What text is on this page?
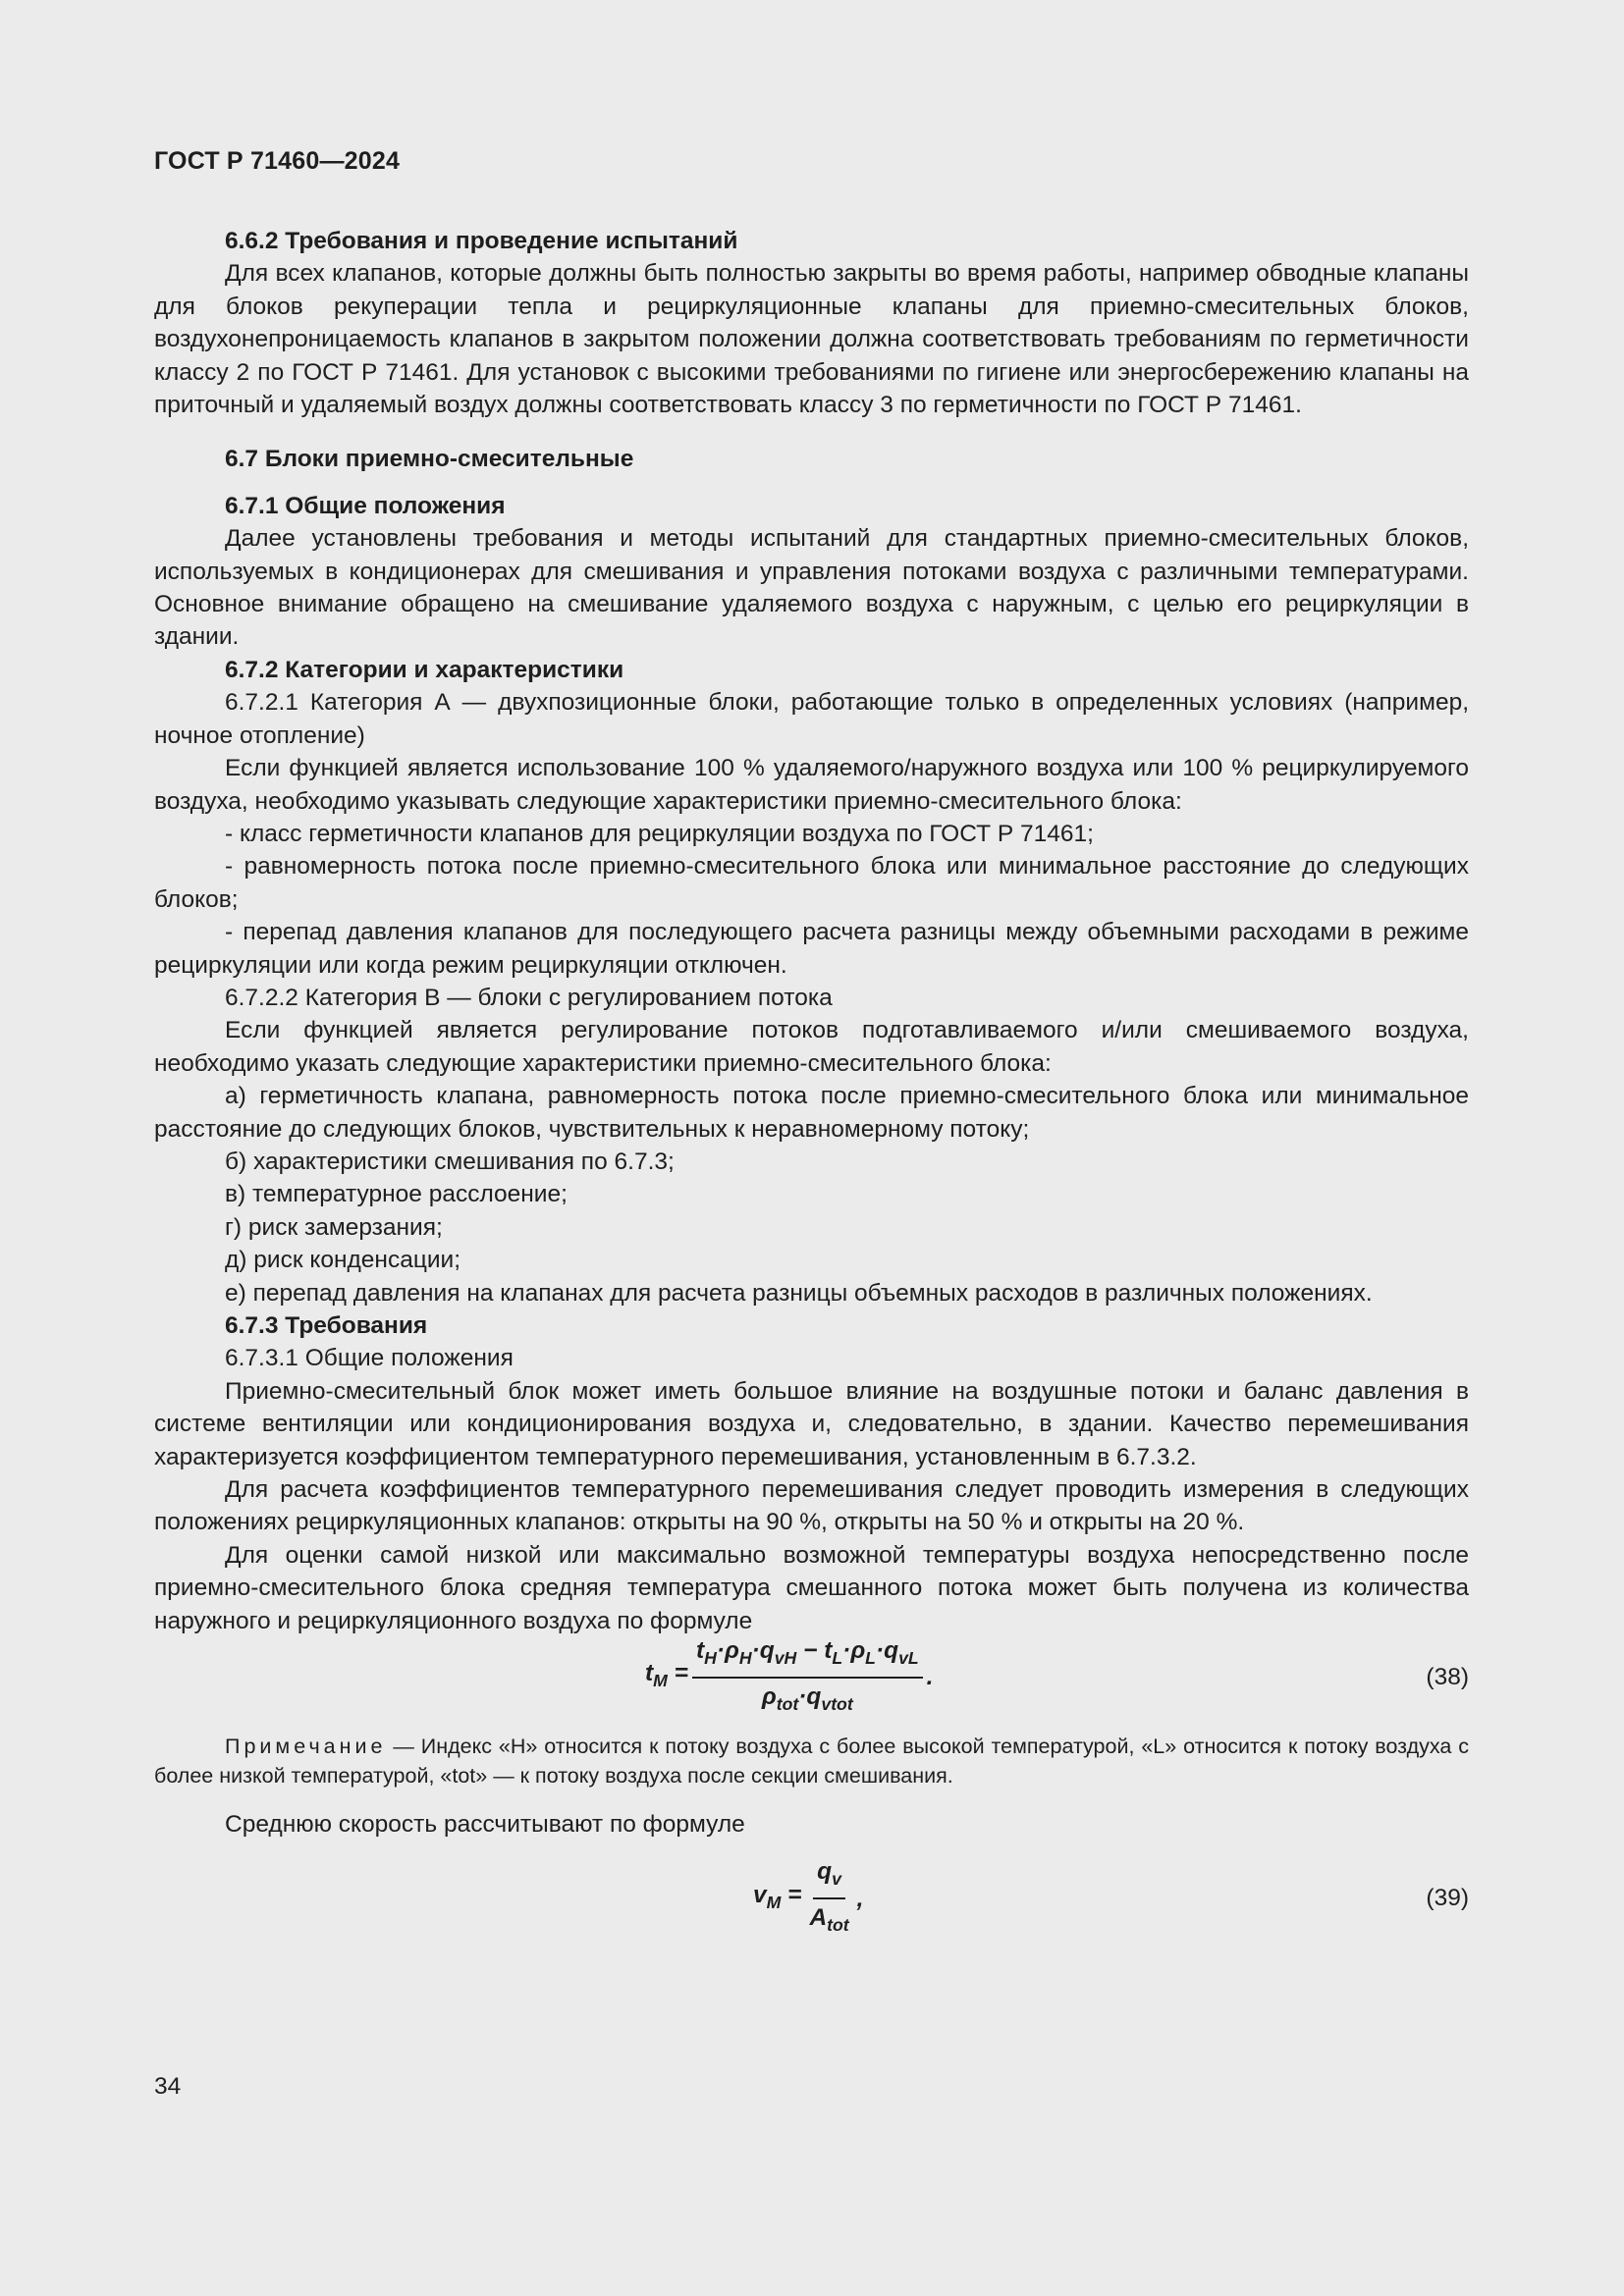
ГОСТ Р 71460—2024

6.6.2 Требования и проведение испытаний

Для всех клапанов, которые должны быть полностью закрыты во время работы, например обводные клапаны для блоков рекуперации тепла и рециркуляционные клапаны для приемно-смесительных блоков, воздухонепроницаемость клапанов в закрытом положении должна соответствовать требованиям по герметичности классу 2 по ГОСТ Р 71461. Для установок с высокими требованиями по гигиене или энергосбережению клапаны на приточный и удаляемый воздух должны соответствовать классу 3 по герметичности по ГОСТ Р 71461.

6.7 Блоки приемно-смесительные

6.7.1 Общие положения

Далее установлены требования и методы испытаний для стандартных приемно-смесительных блоков, используемых в кондиционерах для смешивания и управления потоками воздуха с различными температурами. Основное внимание обращено на смешивание удаляемого воздуха с наружным, с целью его рециркуляции в здании.

6.7.2 Категории и характеристики

6.7.2.1 Категория А — двухпозиционные блоки, работающие только в определенных условиях (например, ночное отопление)

Если функцией является использование 100 % удаляемого/наружного воздуха или 100 % рециркулируемого воздуха, необходимо указывать следующие характеристики приемно-смесительного блока:

- класс герметичности клапанов для рециркуляции воздуха по ГОСТ Р 71461;

- равномерность потока после приемно-смесительного блока или минимальное расстояние до следующих блоков;

- перепад давления клапанов для последующего расчета разницы между объемными расходами в режиме рециркуляции или когда режим рециркуляции отключен.

6.7.2.2 Категория В — блоки с регулированием потока

Если функцией является регулирование потоков подготавливаемого и/или смешиваемого воздуха, необходимо указать следующие характеристики приемно-смесительного блока:

а) герметичность клапана, равномерность потока после приемно-смесительного блока или минимальное расстояние до следующих блоков, чувствительных к неравномерному потоку;

б) характеристики смешивания по 6.7.3;

в) температурное расслоение;

г) риск замерзания;

д) риск конденсации;

е) перепад давления на клапанах для расчета разницы объемных расходов в различных положениях.

6.7.3 Требования

6.7.3.1 Общие положения

Приемно-смесительный блок может иметь большое влияние на воздушные потоки и баланс давления в системе вентиляции или кондиционирования воздуха и, следовательно, в здании. Качество перемешивания характеризуется коэффициентом температурного перемешивания, установленным в 6.7.3.2.

Для расчета коэффициентов температурного перемешивания следует проводить измерения в следующих положениях рециркуляционных клапанов: открыты на 90 %, открыты на 50 % и открыты на 20 %.

Для оценки самой низкой или максимально возможной температуры воздуха непосредственно после приемно-смесительного блока средняя температура смешанного потока может быть получена из количества наружного и рециркуляционного воздуха по формуле

$t_M = \frac{t_H\cdot\rho_H\cdot q_{vH} - t_L\cdot\rho_L\cdot q_{vL}}{\rho_{tot}\cdot q_{vtot}}$ .	(38)

Примечание — Индекс «H» относится к потоку воздуха с более высокой температурой, «L» относится к потоку воздуха с более низкой температурой, «tot» — к потоку воздуха после секции смешивания.

Среднюю скорость рассчитывают по формуле

$v_M = \frac{q_v}{A_{tot}}$ ,	(39)
34
